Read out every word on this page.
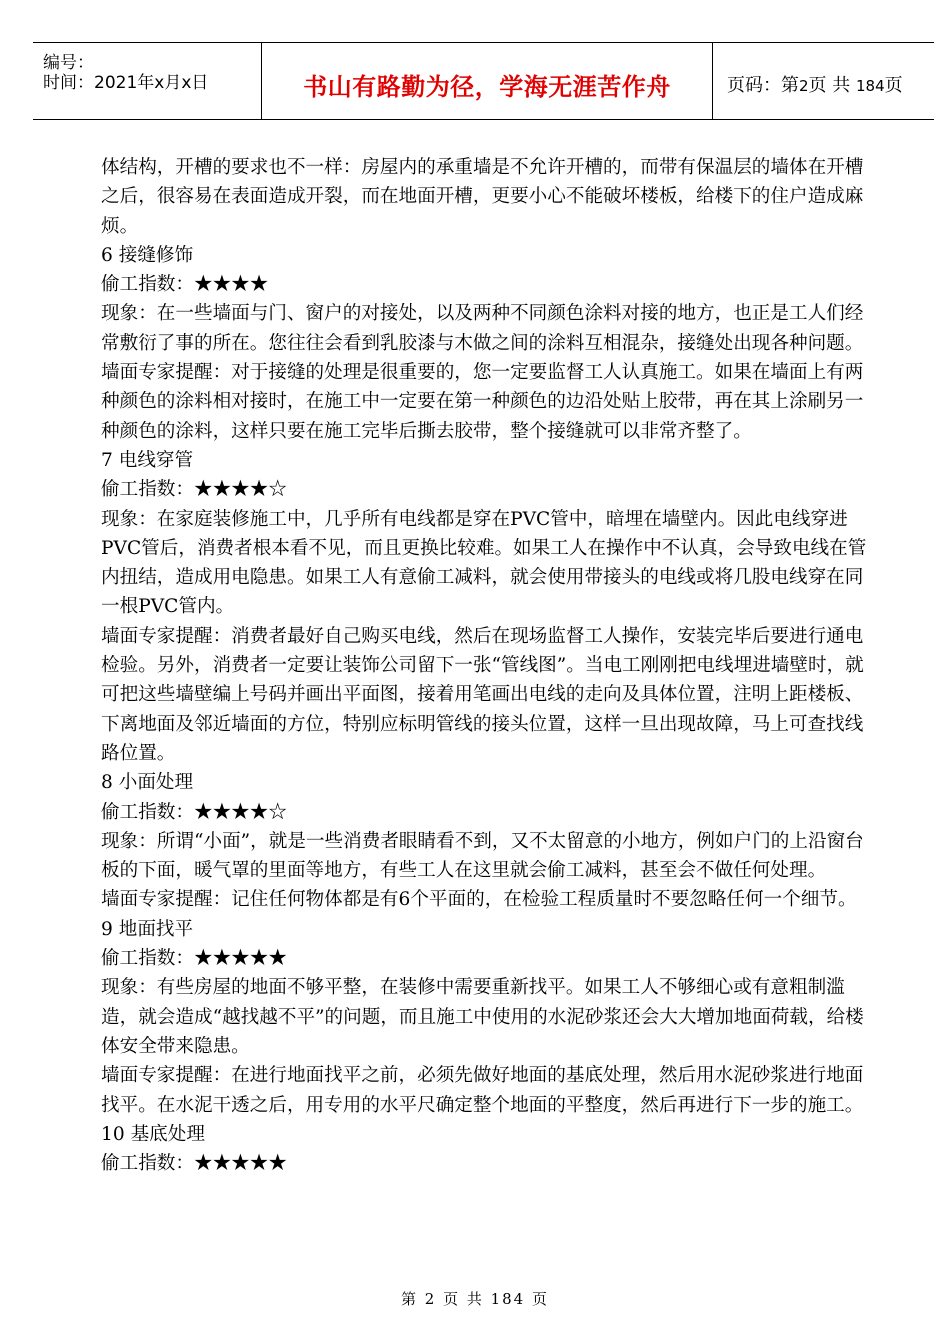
编号：
时间：2021年x月x日	书山有路勤为径，学海无涯苦作舟	页码：第2页 共 184页

体结构，开槽的要求也不一样：房屋内的承重墙是不允许开槽的，而带有保温层的墙体在开槽之后，很容易在表面造成开裂，而在地面开槽，更要小心不能破坏楼板，给楼下的住户造成麻烦。

6 接缝修饰

偷工指数：★★★★

现象：在一些墙面与门、窗户的对接处，以及两种不同颜色涂料对接的地方，也正是工人们经常敷衍了事的所在。您往往会看到乳胶漆与木做之间的涂料互相混杂，接缝处出现各种问题。

墙面专家提醒：对于接缝的处理是很重要的，您一定要监督工人认真施工。如果在墙面上有两种颜色的涂料相对接时，在施工中一定要在第一种颜色的边沿处贴上胶带，再在其上涂刷另一种颜色的涂料，这样只要在施工完毕后撕去胶带，整个接缝就可以非常齐整了。

7 电线穿管

偷工指数：★★★★☆

现象：在家庭装修施工中，几乎所有电线都是穿在PVC管中，暗埋在墙壁内。因此电线穿进PVC管后，消费者根本看不见，而且更换比较难。如果工人在操作中不认真，会导致电线在管内扭结，造成用电隐患。如果工人有意偷工减料，就会使用带接头的电线或将几股电线穿在同一根PVC管内。

墙面专家提醒：消费者最好自己购买电线，然后在现场监督工人操作，安装完毕后要进行通电检验。另外，消费者一定要让装饰公司留下一张“管线图”。当电工刚刚把电线埋进墙壁时，就可把这些墙壁编上号码并画出平面图，接着用笔画出电线的走向及具体位置，注明上距楼板、下离地面及邻近墙面的方位，特别应标明管线的接头位置，这样一旦出现故障，马上可查找线路位置。

8 小面处理

偷工指数：★★★★☆

现象：所谓“小面”，就是一些消费者眼睛看不到，又不太留意的小地方，例如户门的上沿窗台板的下面，暖气罩的里面等地方，有些工人在这里就会偷工减料，甚至会不做任何处理。

墙面专家提醒：记住任何物体都是有6个平面的，在检验工程质量时不要忽略任何一个细节。

9 地面找平

偷工指数：★★★★★

现象：有些房屋的地面不够平整，在装修中需要重新找平。如果工人不够细心或有意粗制滥造，就会造成“越找越不平”的问题，而且施工中使用的水泥砂浆还会大大增加地面荷载，给楼体安全带来隐患。

墙面专家提醒：在进行地面找平之前，必须先做好地面的基底处理，然后用水泥砂浆进行地面找平。在水泥干透之后，用专用的水平尺确定整个地面的平整度，然后再进行下一步的施工。

10 基底处理

偷工指数：★★★★★

第 2 页 共 184 页
